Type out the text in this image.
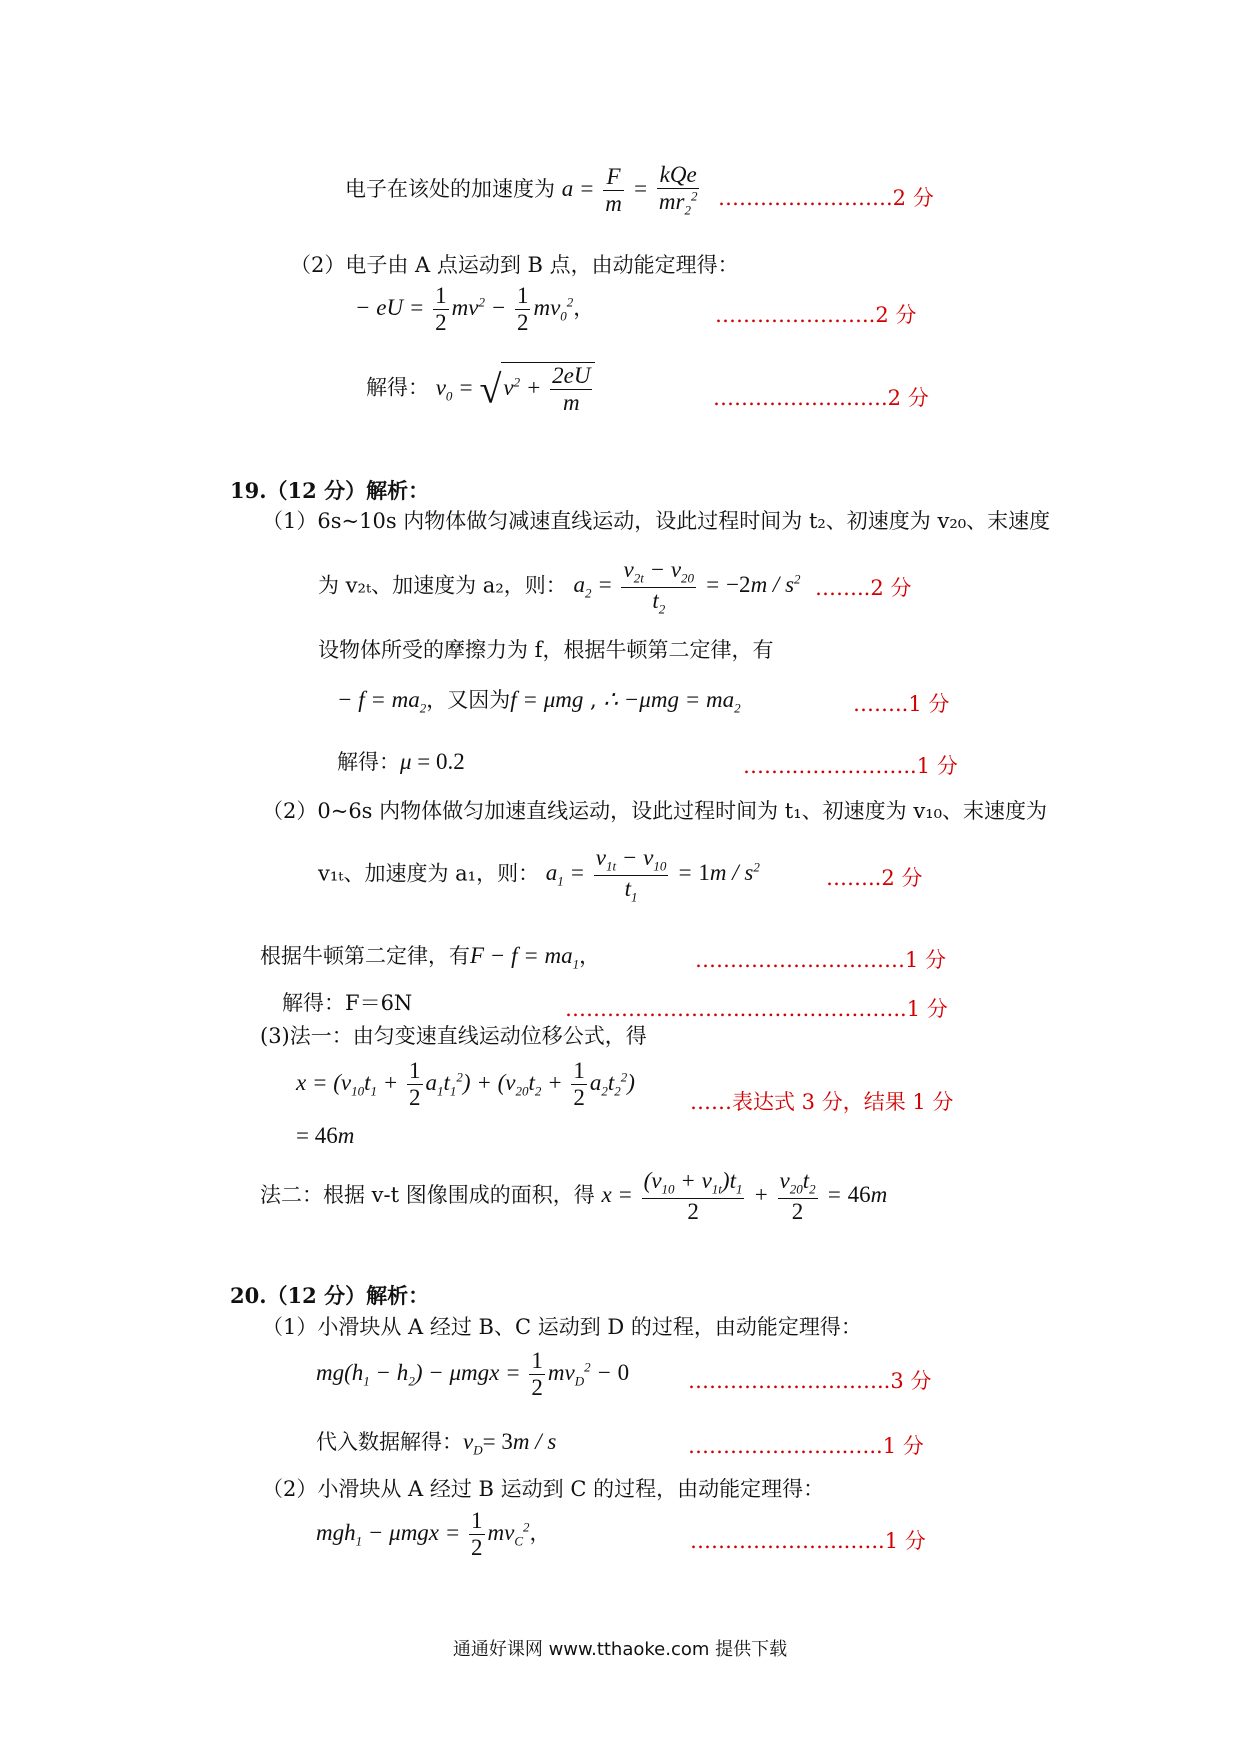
电子在该处的加速度为 $a = \frac{F}{m}$ =
kQe
$mr_2^2$ …………………….2 分
（2）电子由 A 点运动到 B 点，由动能定理得：
− eU = $\frac{1}{2} mv^2 - \frac{1}{2} mv_0^2$，	…………………..2 分
解得： $v_0 = √v^2 + \frac{2eU}{m}$	…………………….2 分
19.（12 分）解析：
（1）6s~10s 内物体做匀减速直线运动，设此过程时间为 t₂、初速度为 v₂₀、末速度
为 v₂ₜ、加速度为 a₂，则： $a_2 = \frac{v_{2t} - v_{20}}{t_2} = -2m / s^2$ ……..2 分
设物体所受的摩擦力为 f，根据牛顿第二定律，有
− $f = ma_2$，又因为f = μmg , ∴ $-\mu mg = ma_2$	……..1 分
解得：μ = 0.2	……..……………..1 分
（2）0~6s 内物体做匀加速直线运动，设此过程时间为 t₁、初速度为 v₁₀、末速度为
v₁ₜ、加速度为 a₁，则： $a_1 = \frac{v_{1t} - v_{10}}{t_1} = 1m / s^2$	……..2 分
根据牛顿第二定律，有$F - f = ma_1$，	…………………………1 分
解得：F＝6N	……………………..…………………..1 分
(3)法一：由匀变速直线运动位移公式，得
$x = (v_{10}t_1 + \frac{1}{2} a_1t_1^2) + (v_{20}t_2 + \frac{1}{2} a_2t_2^2)$
……表达式 3 分，结果 1 分
= 46m
法二：根据 v-t 图像围成的面积，得 $x = \frac{(v_{10} + v_{1t})t_1}{2} + \frac{v_{20}t_2}{2} = 46m$
20.（12 分）解析：
（1）小滑块从 A 经过 B、C 运动到 D 的过程，由动能定理得：
$mg(h_1 - h_2) - \mu mgx = \frac{1}{2} mv_D^2 - 0$	………………………..3 分
代入数据解得：$v_D= 3m / s$	…………………..…..1 分
（2）小滑块从 A 经过 B 运动到 C 的过程，由动能定理得：
$mgh_1 - \mu mgx = \frac{1}{2} mv_C^2$，	…………………..…..1 分
通通好课网 www.tthaoke.com 提供下载
